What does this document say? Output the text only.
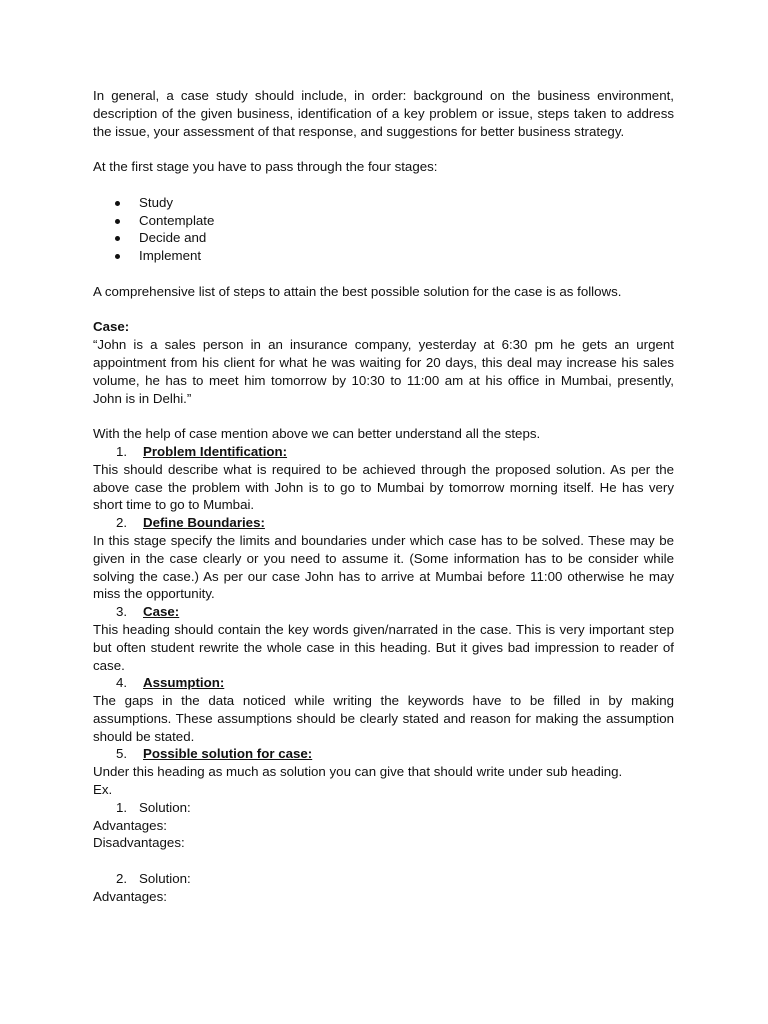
In general, a case study should include, in order: background on the business environment, description of the given business, identification of a key problem or issue, steps taken to address the issue, your assessment of that response, and suggestions for better business strategy.

At the first stage you have to pass through the four stages:

Study
Contemplate
Decide and
Implement

A comprehensive list of steps to attain the best possible solution for the case is as follows.

Case:

“John is a sales person in an insurance company, yesterday at 6:30 pm he gets an urgent appointment from his client for what he was waiting for 20 days, this deal may increase his sales volume, he has to meet him tomorrow by 10:30 to 11:00 am at his office in Mumbai, presently, John is in Delhi.”

With the help of case mention above we can better understand all the steps.

1. Problem Identification:

This should describe what is required to be achieved through the proposed solution. As per the above case the problem with John is to go to Mumbai by tomorrow morning itself. He has very short time to go to Mumbai.

2. Define Boundaries:

In this stage specify the limits and boundaries under which case has to be solved. These may be given in the case clearly or you need to assume it. (Some information has to be consider while solving the case.) As per our case John has to arrive at Mumbai before 11:00 otherwise he may miss the opportunity.

3. Case:

This heading should contain the key words given/narrated in the case. This is very important step but often student rewrite the whole case in this heading. But it gives bad impression to reader of case.

4. Assumption:

The gaps in the data noticed while writing the keywords have to be filled in by making assumptions. These assumptions should be clearly stated and reason for making the assumption should be stated.

5. Possible solution for case:

Under this heading as much as solution you can give that should write under sub heading.

Ex.

1. Solution:

Advantages:

Disadvantages:

2. Solution:

Advantages:
